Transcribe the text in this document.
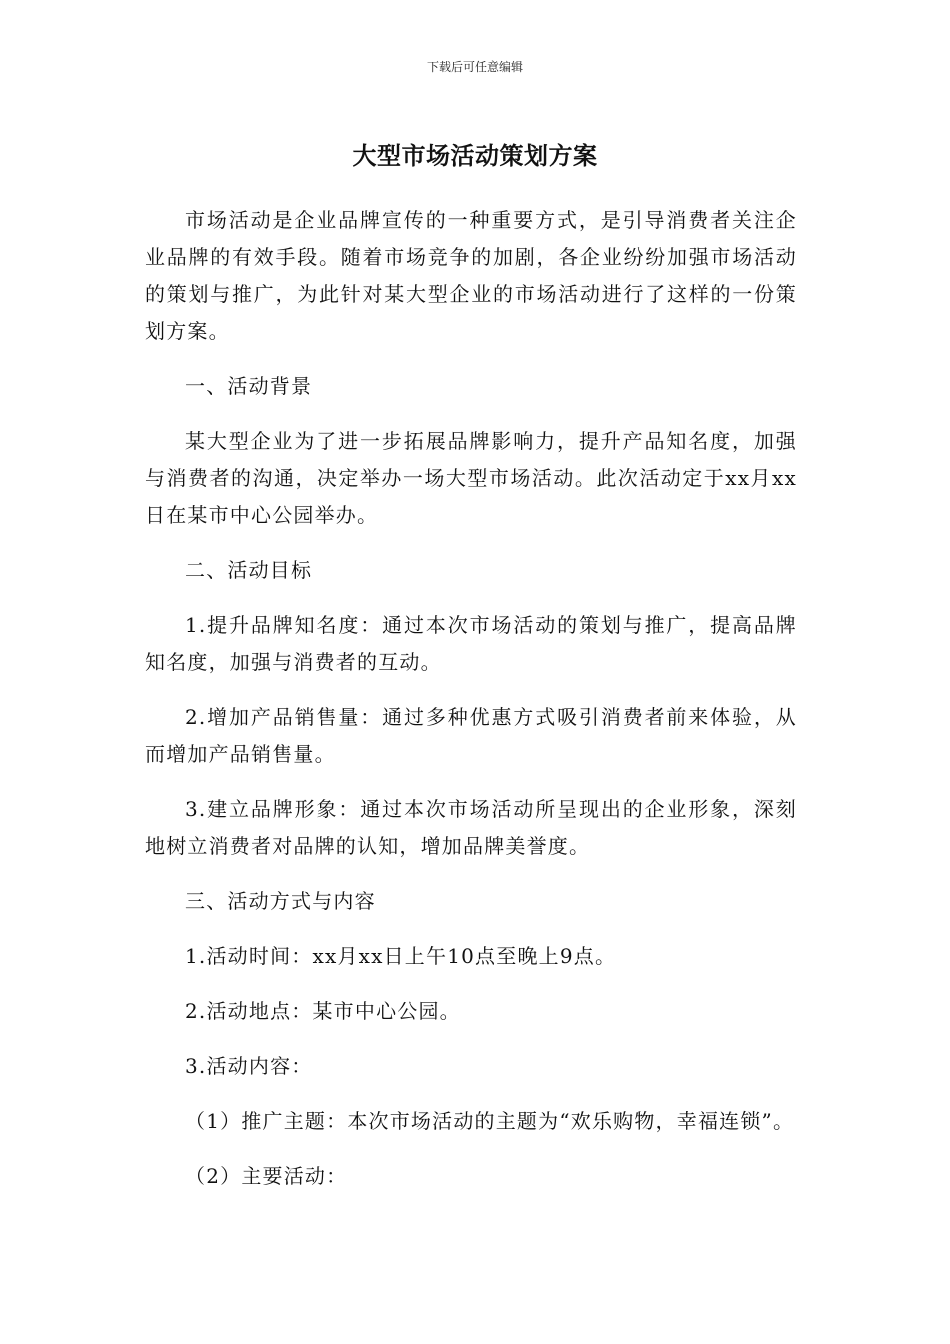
下载后可任意编辑
大型市场活动策划方案

市场活动是企业品牌宣传的一种重要方式，是引导消费者关注企业品牌的有效手段。随着市场竞争的加剧，各企业纷纷加强市场活动的策划与推广，为此针对某大型企业的市场活动进行了这样的一份策划方案。

一、活动背景

某大型企业为了进一步拓展品牌影响力，提升产品知名度，加强与消费者的沟通，决定举办一场大型市场活动。此次活动定于xx月xx日在某市中心公园举办。

二、活动目标

1.提升品牌知名度：通过本次市场活动的策划与推广，提高品牌知名度，加强与消费者的互动。

2.增加产品销售量：通过多种优惠方式吸引消费者前来体验，从而增加产品销售量。

3.建立品牌形象：通过本次市场活动所呈现出的企业形象，深刻地树立消费者对品牌的认知，增加品牌美誉度。

三、活动方式与内容

1.活动时间：xx月xx日上午10点至晚上9点。

2.活动地点：某市中心公园。

3.活动内容：

（1）推广主题：本次市场活动的主题为“欢乐购物，幸福连锁”。

（2）主要活动：
